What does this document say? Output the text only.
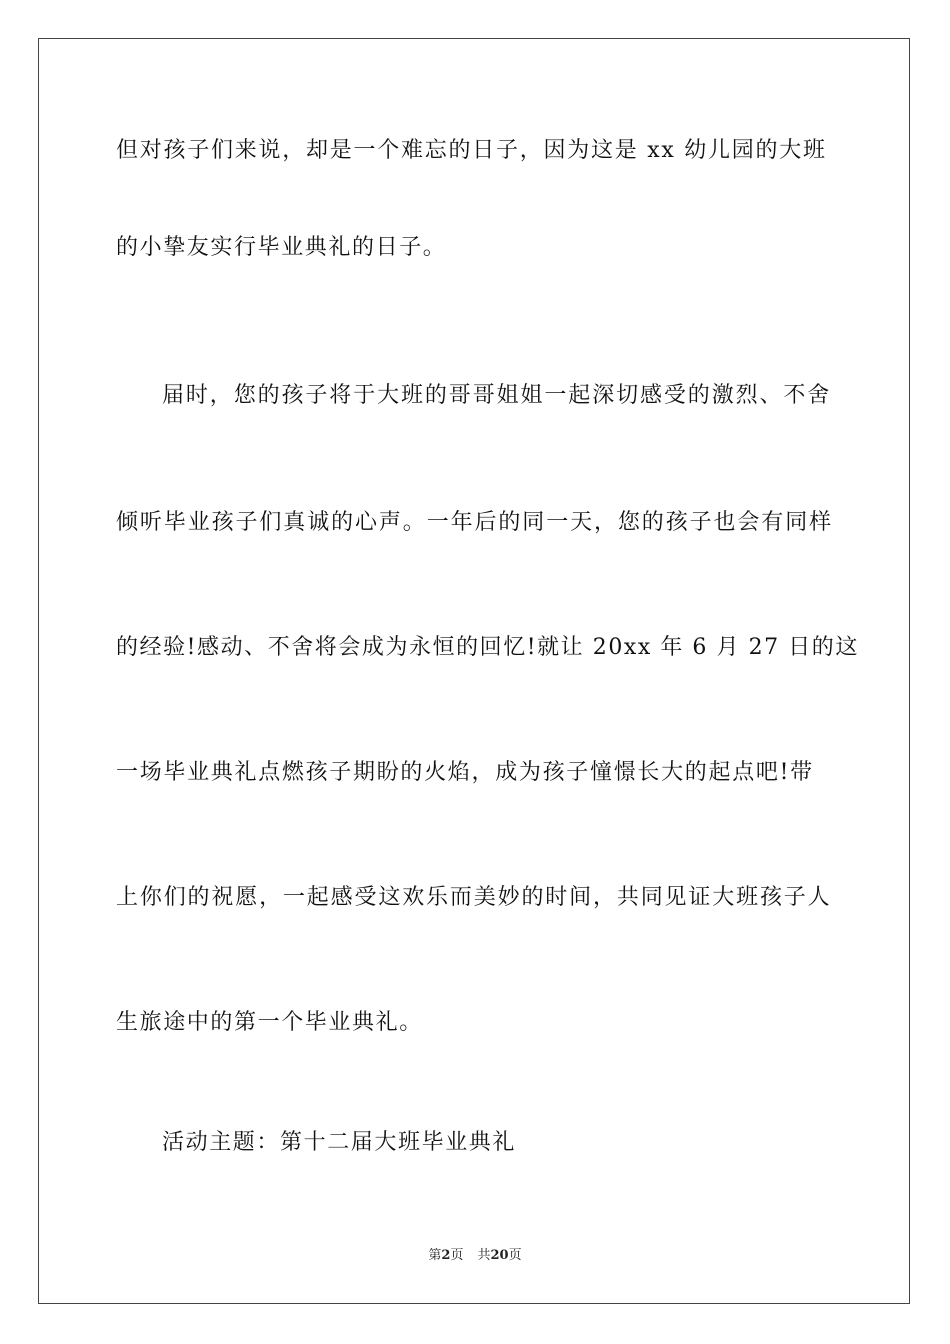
但对孩子们来说，却是一个难忘的日子，因为这是 xx 幼儿园的大班
的小挚友实行毕业典礼的日子。
届时，您的孩子将于大班的哥哥姐姐一起深切感受的激烈、不舍
倾听毕业孩子们真诚的心声。一年后的同一天，您的孩子也会有同样
的经验!感动、不舍将会成为永恒的回忆!就让 20xx 年 6 月 27 日的这
一场毕业典礼点燃孩子期盼的火焰，成为孩子憧憬长大的起点吧!带
上你们的祝愿，一起感受这欢乐而美妙的时间，共同见证大班孩子人
生旅途中的第一个毕业典礼。
活动主题：第十二届大班毕业典礼
第2页 共20页
